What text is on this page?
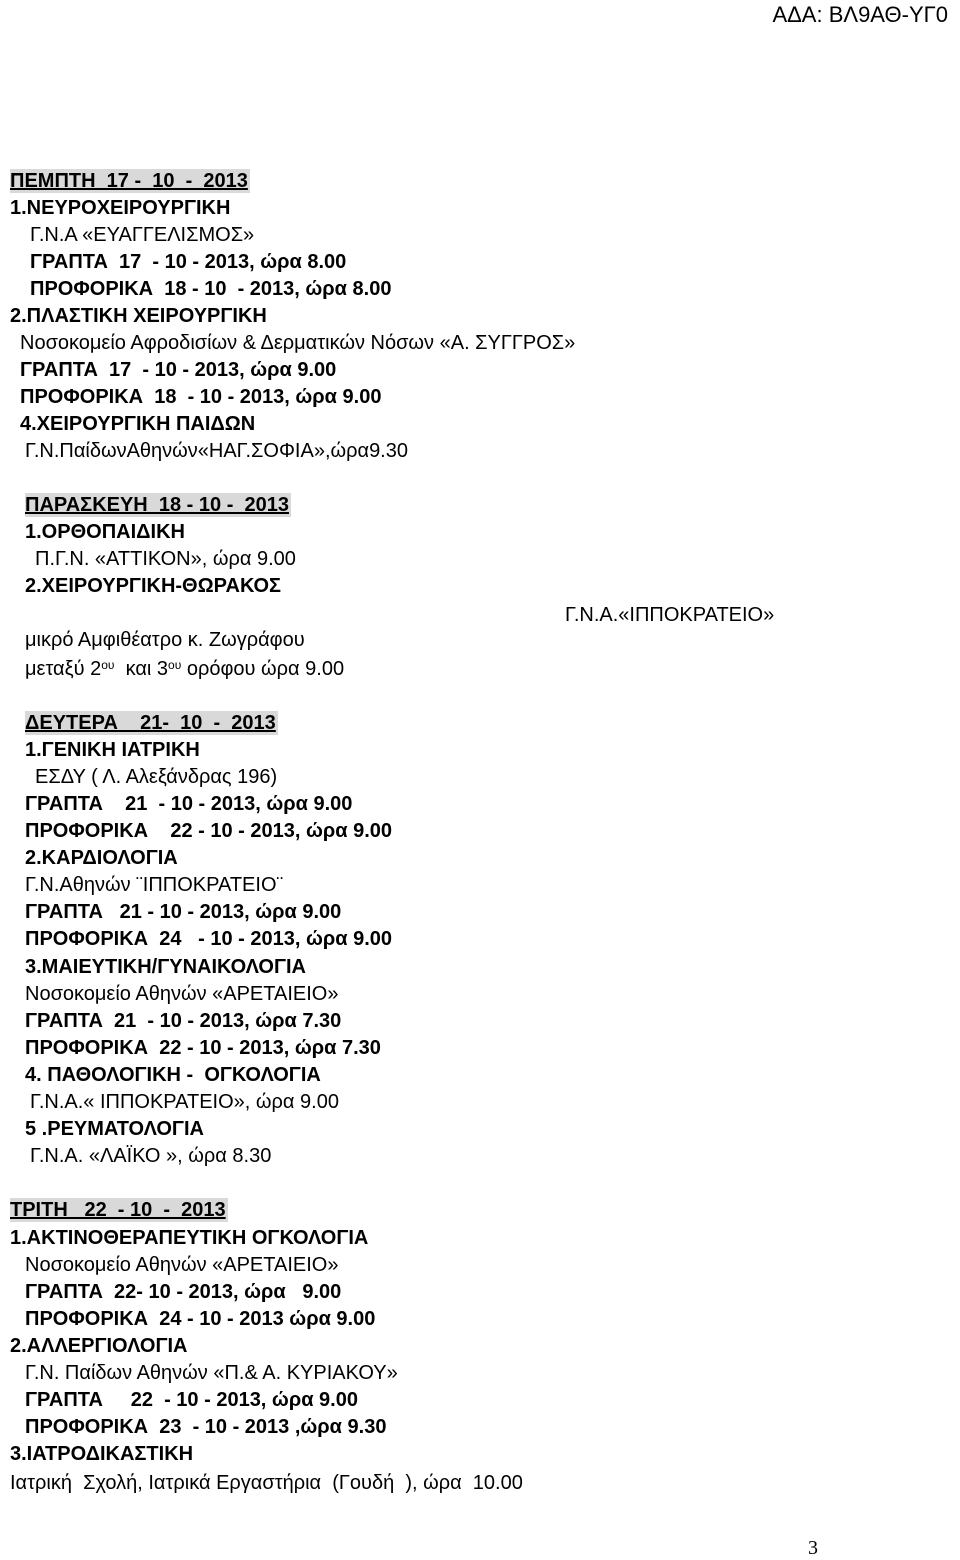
ΑΔΑ: ΒΛ9ΑΘ-ΥΓ0
ΠΕΜΠΤΗ  17 -  10  -  2013
1.ΝΕΥΡΟΧΕΙΡΟΥΡΓΙΚΗ
Γ.Ν.Α «ΕΥΑΓΓΕΛΙΣΜΟΣ»
ΓΡΑΠΤΑ  17  - 10 - 2013, ώρα 8.00
ΠΡΟΦΟΡΙΚΑ  18 - 10  - 2013, ώρα 8.00
2.ΠΛΑΣΤΙΚΗ ΧΕΙΡΟΥΡΓΙΚΗ
Νοσοκομείο Αφροδισίων & Δερματικών Νόσων «Α. ΣΥΓΓΡΟΣ»
ΓΡΑΠΤΑ  17  - 10 - 2013, ώρα 9.00
ΠΡΟΦΟΡΙΚΑ  18  - 10 - 2013, ώρα 9.00
4.ΧΕΙΡΟΥΡΓΙΚΗ ΠΑΙΔΩΝ
Γ.Ν.ΠαίδωνΑθηνών«ΗΑΓ.ΣΟΦΙΑ»,ώρα9.30
ΠΑΡΑΣΚΕΥΗ  18 - 10 -  2013
1.ΟΡΘΟΠΑΙΔΙΚΗ
Π.Γ.Ν. «ΑΤΤΙΚΟΝ», ώρα 9.00
2.ΧΕΙΡΟΥΡΓΙΚΗ-ΘΩΡΑΚΟΣ
Γ.Ν.Α.«ΙΠΠΟΚΡΑΤΕΙΟ»
μικρό Αμφιθέατρο κ. Ζωγράφου
μεταξύ $2^{o\upsilon}$  και $3^{o\upsilon}$ ορόφου ώρα 9.00
ΔΕΥΤΕΡΑ    21-  10  -  2013
1.ΓΕΝΙΚΗ ΙΑΤΡΙΚΗ
ΕΣΔΥ ( Λ. Αλεξάνδρας 196)
ΓΡΑΠΤΑ    21  - 10 - 2013, ώρα 9.00
ΠΡΟΦΟΡΙΚΑ    22 - 10 - 2013, ώρα 9.00
2.ΚΑΡΔΙΟΛΟΓΙΑ
Γ.Ν.Αθηνών ¨ΙΠΠΟΚΡΑΤΕΙΟ¨
ΓΡΑΠΤΑ   21 - 10 - 2013, ώρα 9.00
ΠΡΟΦΟΡΙΚΑ  24   - 10 - 2013, ώρα 9.00
3.ΜΑΙΕΥΤΙΚΗ/ΓΥΝΑΙΚΟΛΟΓΙΑ
Νοσοκομείο Αθηνών «ΑΡΕΤΑΙΕΙΟ»
ΓΡΑΠΤΑ  21  - 10 - 2013, ώρα 7.30
ΠΡΟΦΟΡΙΚΑ  22 - 10 - 2013, ώρα 7.30
4. ΠΑΘΟΛΟΓΙΚΗ -  ΟΓΚΟΛΟΓΙΑ
Γ.Ν.Α.« ΙΠΠΟΚΡΑΤΕΙΟ», ώρα 9.00
5 .ΡΕΥΜΑΤΟΛΟΓΙΑ
Γ.Ν.Α. «ΛΑΪΚΟ », ώρα 8.30
ΤΡΙΤΗ   22  - 10  -  2013
1.ΑΚΤΙΝΟΘΕΡΑΠΕΥΤΙΚΗ ΟΓΚΟΛΟΓΙΑ
Νοσοκομείο Αθηνών «ΑΡΕΤΑΙΕΙΟ»
ΓΡΑΠΤΑ  22- 10 - 2013, ώρα   9.00
ΠΡΟΦΟΡΙΚΑ  24 - 10 - 2013 ώρα 9.00
2.ΑΛΛΕΡΓΙΟΛΟΓΙΑ
Γ.Ν. Παίδων Αθηνών «Π.& Α. ΚΥΡΙΑΚΟΥ»
ΓΡΑΠΤΑ     22  - 10 - 2013, ώρα 9.00
ΠΡΟΦΟΡΙΚΑ  23  - 10 - 2013 ,ώρα 9.30
3.ΙΑΤΡΟΔΙΚΑΣΤΙΚΗ
Ιατρική  Σχολή, Ιατρικά Εργαστήρια  (Γουδή  ), ώρα  10.00
3
